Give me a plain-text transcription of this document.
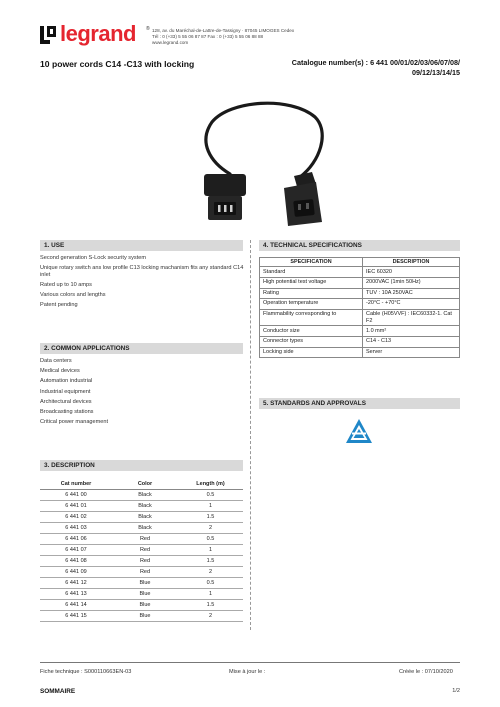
legrand ® 128, av. du Maréchal-de-Lattre-de-Tassigny · 87045 LIMOGES Cedex
Tél : 0 (+33) 5 55 06 87 87 Fax : 0 (+33) 5 55 06 88 88
www.legrand.com
10 power cords C14 -C13 with locking	Catalogue number(s) : 6 441 00/01/02/03/06/07/08/
09/12/13/14/15
1. USE
Second generation S-Lock security system
Unique rotary switch ans low profile C13 locking machanism fits any standard C14 inlet
Rated up to 10 amps
Various colors and lengths
Patent pending
2. COMMON APPLICATIONS
Data centers
Medical devices
Automation industrial
Industrial equipment
Architectural devices
Broadcasting stations
Critical power management
3. DESCRIPTION
Cat number	Color	Length (m)
6 441 00	Black	0.5
6 441 01	Black	1
6 441 02	Black	1.5
6 441 03	Black	2
6 441 06	Red	0.5
6 441 07	Red	1
6 441 08	Red	1.5
6 441 09	Red	2
6 441 12	Blue	0.5
6 441 13	Blue	1
6 441 14	Blue	1.5
6 441 15	Blue	2
4. TECHNICAL SPECIFICATIONS
SPECIFICATION	DESCRIPTION
Standard	IEC 60320
High potential test voltage	2000VAC (1min 50Hz)
Rating	TUV : 10A 250VAC
Operation temperature	-20°C - +70°C
Flammability corresponding to	Cable (H05VVF) : IEC60332-1. Cat F2
Conductor size	1.0 mm²
Connector types	C14 - C13
Locking side	Server
5. STANDARDS AND APPROVALS
Fiche technique : S000110663EN-03	Mise à jour le :	Créée le : 07/10/2020
SOMMAIRE	1/2
